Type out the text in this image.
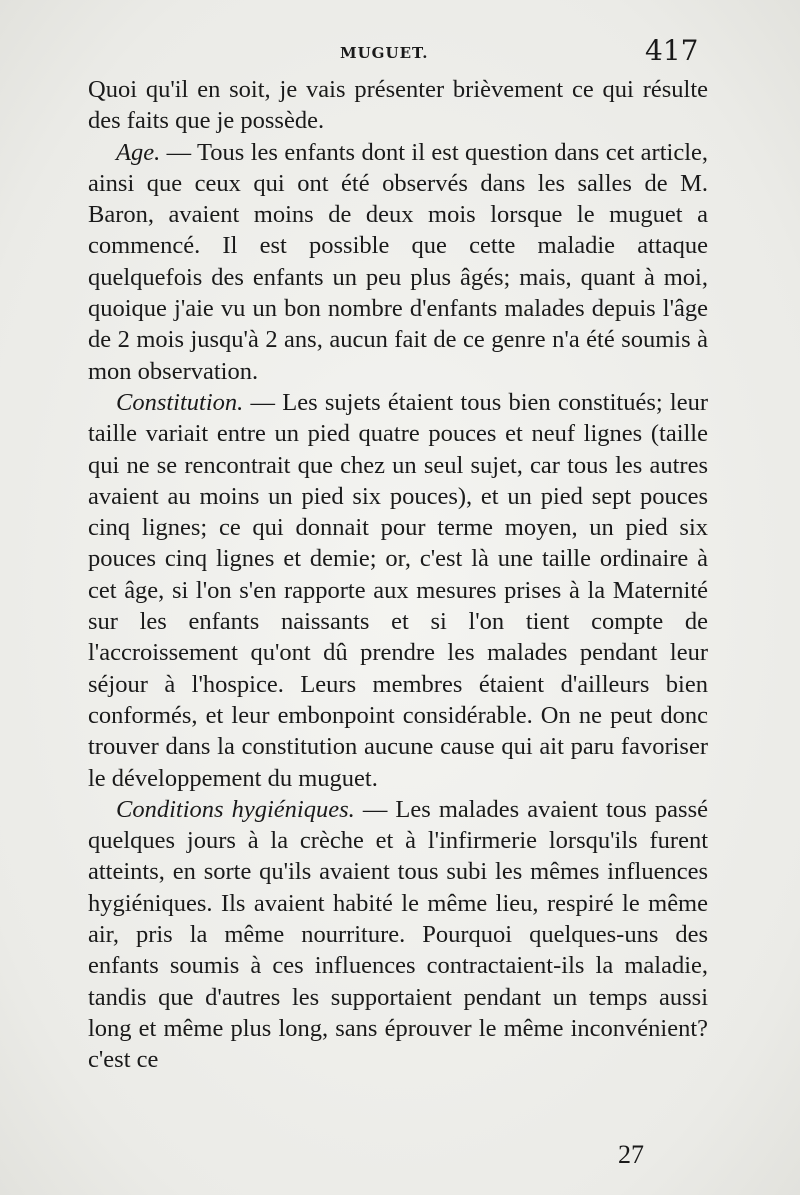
MUGUET.	417

Quoi qu'il en soit, je vais présenter brièvement ce qui résulte des faits que je possède.

Age. — Tous les enfants dont il est question dans cet article, ainsi que ceux qui ont été observés dans les salles de M. Baron, avaient moins de deux mois lorsque le muguet a commencé. Il est possible que cette maladie attaque quelquefois des enfants un peu plus âgés; mais, quant à moi, quoique j'aie vu un bon nombre d'enfants malades depuis l'âge de 2 mois jusqu'à 2 ans, aucun fait de ce genre n'a été soumis à mon observation.

Constitution. — Les sujets étaient tous bien constitués; leur taille variait entre un pied quatre pouces et neuf lignes (taille qui ne se rencontrait que chez un seul sujet, car tous les autres avaient au moins un pied six pouces), et un pied sept pouces cinq lignes; ce qui donnait pour terme moyen, un pied six pouces cinq lignes et demie; or, c'est là une taille ordinaire à cet âge, si l'on s'en rapporte aux mesures prises à la Maternité sur les enfants naissants et si l'on tient compte de l'accroissement qu'ont dû prendre les malades pendant leur séjour à l'hospice. Leurs membres étaient d'ailleurs bien conformés, et leur embonpoint considérable. On ne peut donc trouver dans la constitution aucune cause qui ait paru favoriser le développement du muguet.

Conditions hygiéniques. — Les malades avaient tous passé quelques jours à la crèche et à l'infirmerie lorsqu'ils furent atteints, en sorte qu'ils avaient tous subi les mêmes influences hygiéniques. Ils avaient habité le même lieu, respiré le même air, pris la même nourriture. Pourquoi quelques-uns des enfants soumis à ces influences contractaient-ils la maladie, tandis que d'autres les supportaient pendant un temps aussi long et même plus long, sans éprouver le même inconvénient? c'est ce

27
